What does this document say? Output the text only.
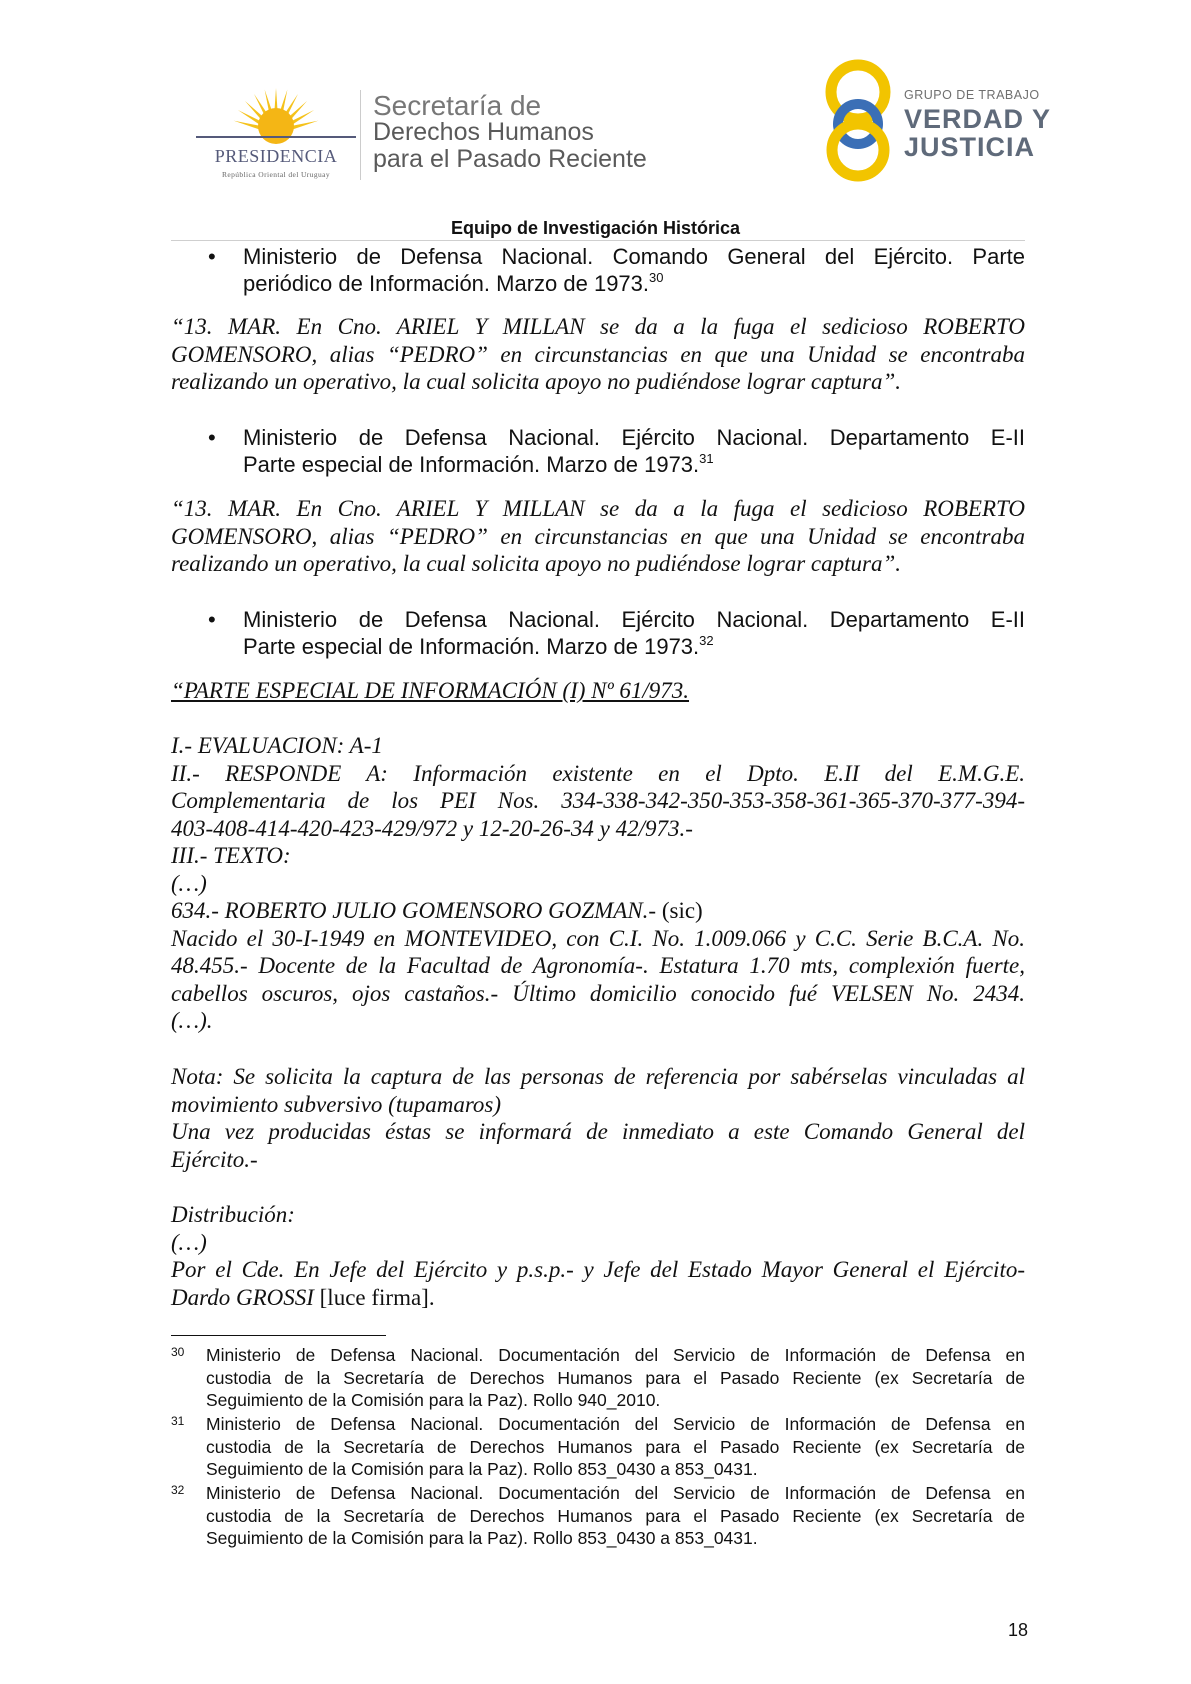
PRESIDENCIA
República Oriental del Uruguay
Secretaría de
Derechos Humanos
para el Pasado Reciente
GRUPO DE TRABAJO
VERDAD Y
JUSTICIA
Equipo de Investigación Histórica
• Ministerio de Defensa Nacional. Comando General del Ejército. Parte
periódico de Información. Marzo de 1973.30
“13. MAR. En Cno. ARIEL Y MILLAN se da a la fuga el sedicioso ROBERTO
GOMENSORO, alias “PEDRO” en circunstancias en que una Unidad se encontraba
realizando un operativo, la cual solicita apoyo no pudiéndose lograr captura”.
• Ministerio de Defensa Nacional. Ejército Nacional. Departamento E-II
Parte especial de Información. Marzo de 1973.31
“13. MAR. En Cno. ARIEL Y MILLAN se da a la fuga el sedicioso ROBERTO
GOMENSORO, alias “PEDRO” en circunstancias en que una Unidad se encontraba
realizando un operativo, la cual solicita apoyo no pudiéndose lograr captura”.
• Ministerio de Defensa Nacional. Ejército Nacional. Departamento E-II
Parte especial de Información. Marzo de 1973.32
“PARTE ESPECIAL DE INFORMACIÓN (I) Nº 61/973.
I.- EVALUACION: A-1
II.- RESPONDE A: Información existente en el Dpto. E.II del E.M.G.E.
Complementaria de los PEI Nos. 334-338-342-350-353-358-361-365-370-377-394-
403-408-414-420-423-429/972 y 12-20-26-34 y 42/973.-
III.- TEXTO:
(…)
634.- ROBERTO JULIO GOMENSORO GOZMAN.- (sic)
Nacido el 30-I-1949 en MONTEVIDEO, con C.I. No. 1.009.066 y C.C. Serie B.C.A. No.
48.455.- Docente de la Facultad de Agronomía-. Estatura 1.70 mts, complexión fuerte,
cabellos oscuros, ojos castaños.- Último domicilio conocido fué VELSEN No. 2434.
(…).
Nota: Se solicita la captura de las personas de referencia por sabérselas vinculadas al
movimiento subversivo (tupamaros)
Una vez producidas éstas se informará de inmediato a este Comando General del
Ejército.-
Distribución:
(…)
Por el Cde. En Jefe del Ejército y p.s.p.- y Jefe del Estado Mayor General el Ejército-
Dardo GROSSI [luce firma].
30 Ministerio de Defensa Nacional. Documentación del Servicio de Información de Defensa en
custodia de la Secretaría de Derechos Humanos para el Pasado Reciente (ex Secretaría de
Seguimiento de la Comisión para la Paz). Rollo 940_2010.
31 Ministerio de Defensa Nacional. Documentación del Servicio de Información de Defensa en
custodia de la Secretaría de Derechos Humanos para el Pasado Reciente (ex Secretaría de
Seguimiento de la Comisión para la Paz). Rollo 853_0430 a 853_0431.
32 Ministerio de Defensa Nacional. Documentación del Servicio de Información de Defensa en
custodia de la Secretaría de Derechos Humanos para el Pasado Reciente (ex Secretaría de
Seguimiento de la Comisión para la Paz). Rollo 853_0430 a 853_0431.
18
